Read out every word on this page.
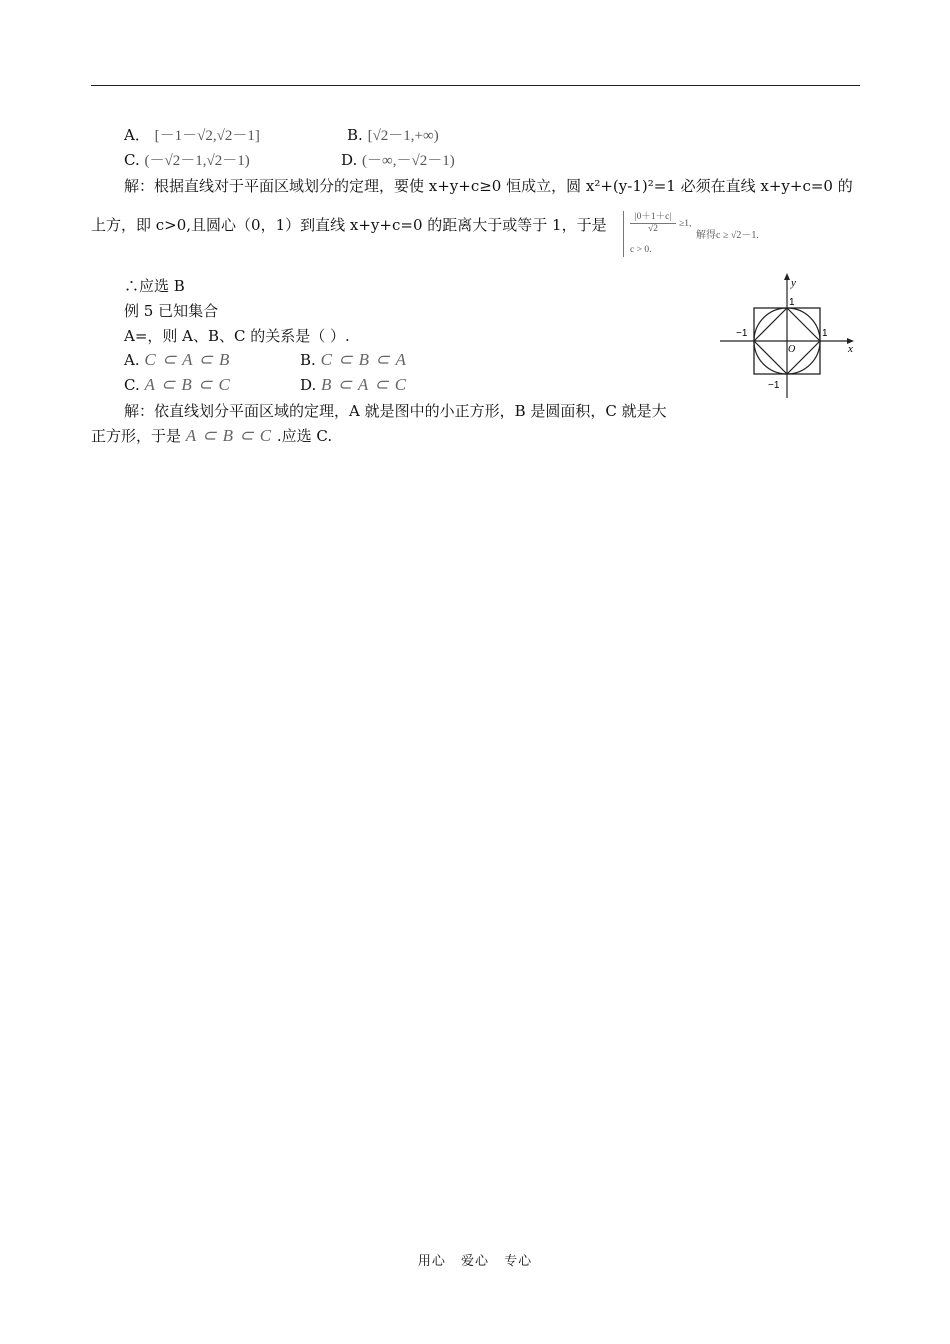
A． [－1－√2,√2－1]	B. [√2－1,+∞)
C. (－√2－1,√2－1)	D. (－∞,－√2－1)
解：根据直线对于平面区域划分的定理，要使 x+y+c≥0 恒成立，圆 x²+(y-1)²=1 必须在直线 x+y+c=0 的
上方，即 c>0,且圆心（0，1）到直线 x+y+c=0 的距离大于或等于 1，于是 $\frac{|0+1+c|}{√2} \ge 1$,
解得c ≥ √2－1.
c > 0.
∴应选 B
例 5 已知集合
A=，则 A、B、C 的关系是（ ）.
A. C ⊂ A ⊂ B	B. C ⊂ B ⊂ A
C. A ⊂ B ⊂ C	D. B ⊂ A ⊂ C
解：依直线划分平面区域的定理，A 就是图中的小正方形，B 是圆面积，C 就是大
正方形，于是 A ⊂ B ⊂ C .应选 C.
y
x
O
1
−1	1
−1
用心 爱心 专心
